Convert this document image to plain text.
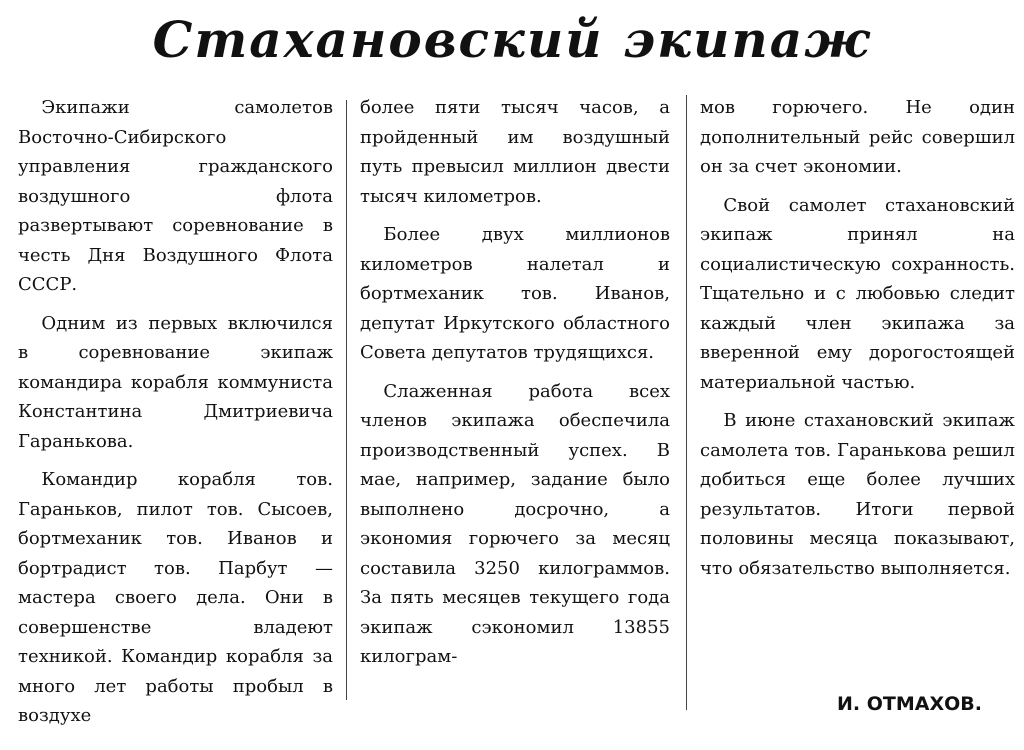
Стахановский экипаж

Экипажи самолетов Восточно-Сибирского управления гражданского воздушного флота развертывают соревнование в честь Дня Воздушного Флота СССР.

Одним из первых включился в соревнование экипаж командира корабля коммуниста Константина Дмитриевича Гаранькова.

Командир корабля тов. Гараньков, пилот тов. Сысоев, бортмеханик тов. Иванов и бортрадист тов. Парбут — мастера своего дела. Они в совершенстве владеют техникой. Командир корабля за много лет работы пробыл в воздухе

более пяти тысяч часов, а пройденный им воздушный путь превысил миллион двести тысяч километров.

Более двух миллионов километров налетал и бортмеханик тов. Иванов, депутат Иркутского областного Совета депутатов трудящихся.

Слаженная работа всех членов экипажа обеспечила производственный успех. В мае, например, задание было выполнено досрочно, а экономия горючего за месяц составила 3250 килограммов. За пять месяцев текущего года экипаж сэкономил 13855 килограм-

мов горючего. Не один дополнительный рейс совершил он за счет экономии.

Свой самолет стахановский экипаж принял на социалистическую сохранность. Тщательно и с любовью следит каждый член экипажа за вверенной ему дорогостоящей материальной частью.

В июне стахановский экипаж самолета тов. Гаранькова решил добиться еще более лучших результатов. Итоги первой половины месяца показывают, что обязательство выполняется.

И. ОТМАХОВ.
